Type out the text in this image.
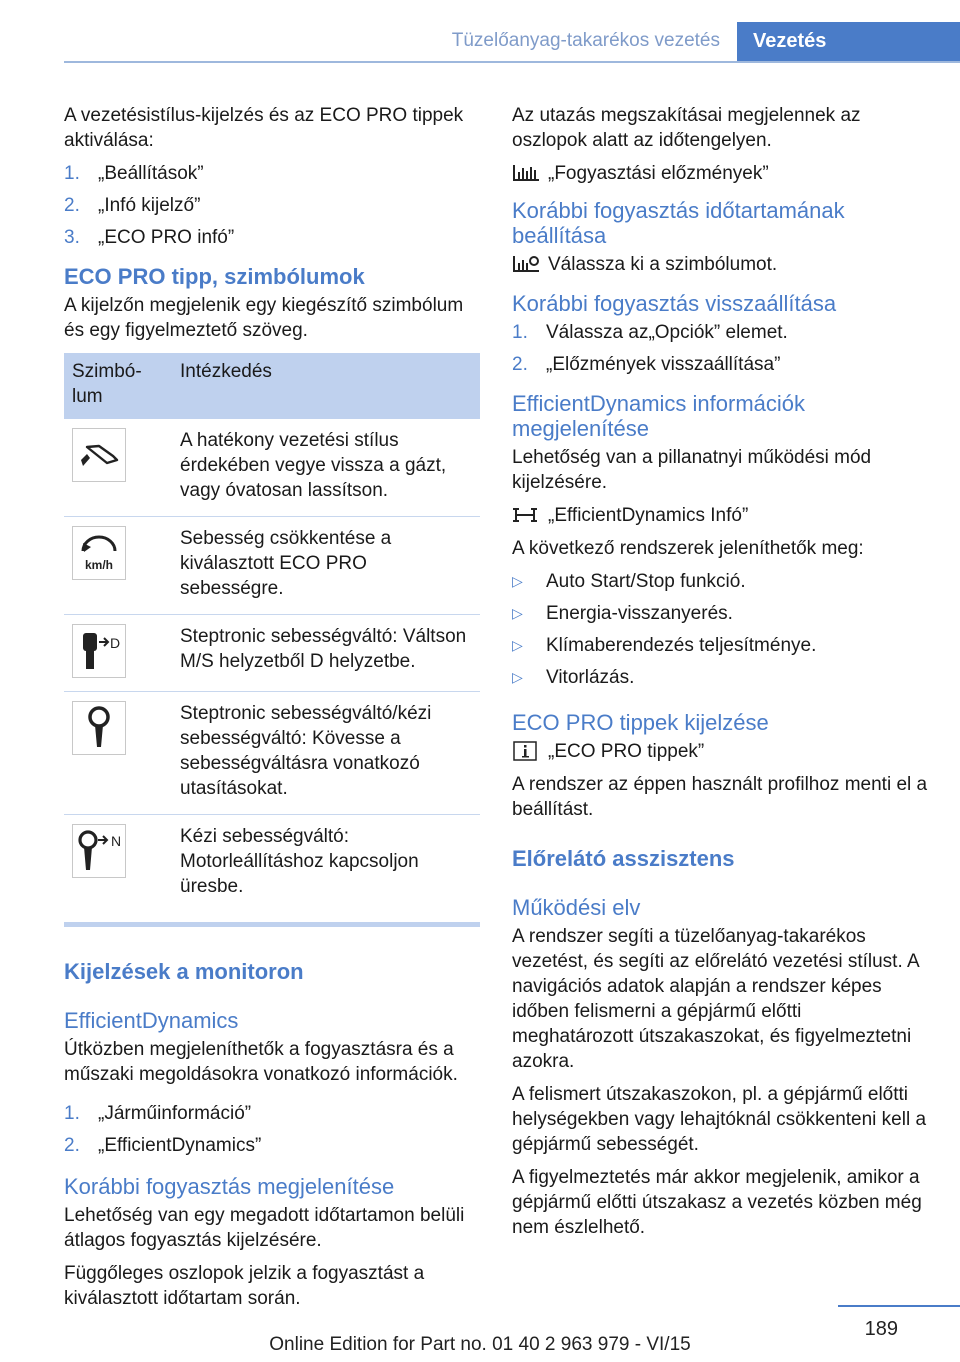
Tüzelőanyag-takarékos vezetés	Vezetés

A vezetésistílus-kijelzés és az ECO PRO tippek aktiválása:

1. „Beállítások”
2. „Infó kijelző”
3. „ECO PRO infó”
ECO PRO tipp, szimbólumok

A kijelzőn megjelenik egy kiegészítő szimbólum és egy figyelmeztető szöveg.

Szimbó-lum	Intézkedés

	A hatékony vezetési stílus érdekében vegye vissza a gázt, vagy óvatosan lassítson.

km/h	Sebesség csökkentése a kiválasztott ECO PRO sebességre.

D	Steptronic sebességváltó: Váltson M/S helyzetből D helyzetbe.

	Steptronic sebességváltó/kézi sebességváltó: Kövesse a sebességváltásra vonatkozó utasításokat.

N	Kézi sebességváltó: Motorleállításhoz kapcsoljon üresbe.
Kijelzések a monitoron
EfficientDynamics

Útközben megjeleníthetők a fogyasztásra és a műszaki megoldásokra vonatkozó információk.

1. „Járműinformáció”
2. „EfficientDynamics”
Korábbi fogyasztás megjelenítése

Lehetőség van egy megadott időtartamon belüli átlagos fogyasztás kijelzésére.

Függőleges oszlopok jelzik a fogyasztást a kiválasztott időtartam során.

Az utazás megszakításai megjelennek az oszlopok alatt az időtengelyen.

„Fogyasztási előzmények”
Korábbi fogyasztás időtartamának beállítása
Válassza ki a szimbólumot.
Korábbi fogyasztás visszaállítása
1. Válassza az„Opciók” elemet.
2. „Előzmények visszaállítása”
EfficientDynamics információk megjelenítése

Lehetőség van a pillanatnyi működési mód kijelzésére.

„EfficientDynamics Infó”

A következő rendszerek jeleníthetők meg:

▷	Auto Start/Stop funkció.
▷	Energia-visszanyerés.
▷	Klímaberendezés teljesítménye.
▷	Vitorlázás.
ECO PRO tippek kijelzése
„ECO PRO tippek”

A rendszer az éppen használt profilhoz menti el a beállítást.

Előrelátó asszisztens
Működési elv

A rendszer segíti a tüzelőanyag-takarékos vezetést, és segíti az előrelátó vezetési stílust. A navigációs adatok alapján a rendszer képes időben felismerni a gépjármű előtti meghatározott útszakaszokat, és figyelmeztetni azokra.

A felismert útszakaszokon, pl. a gépjármű előtti helységekben vagy lehajtóknál csökkenteni kell a gépjármű sebességét.

A figyelmeztetés már akkor megjelenik, amikor a gépjármű előtti útszakasz a vezetés közben még nem észlelhető.

189
Online Edition for Part no. 01 40 2 963 979 - VI/15
